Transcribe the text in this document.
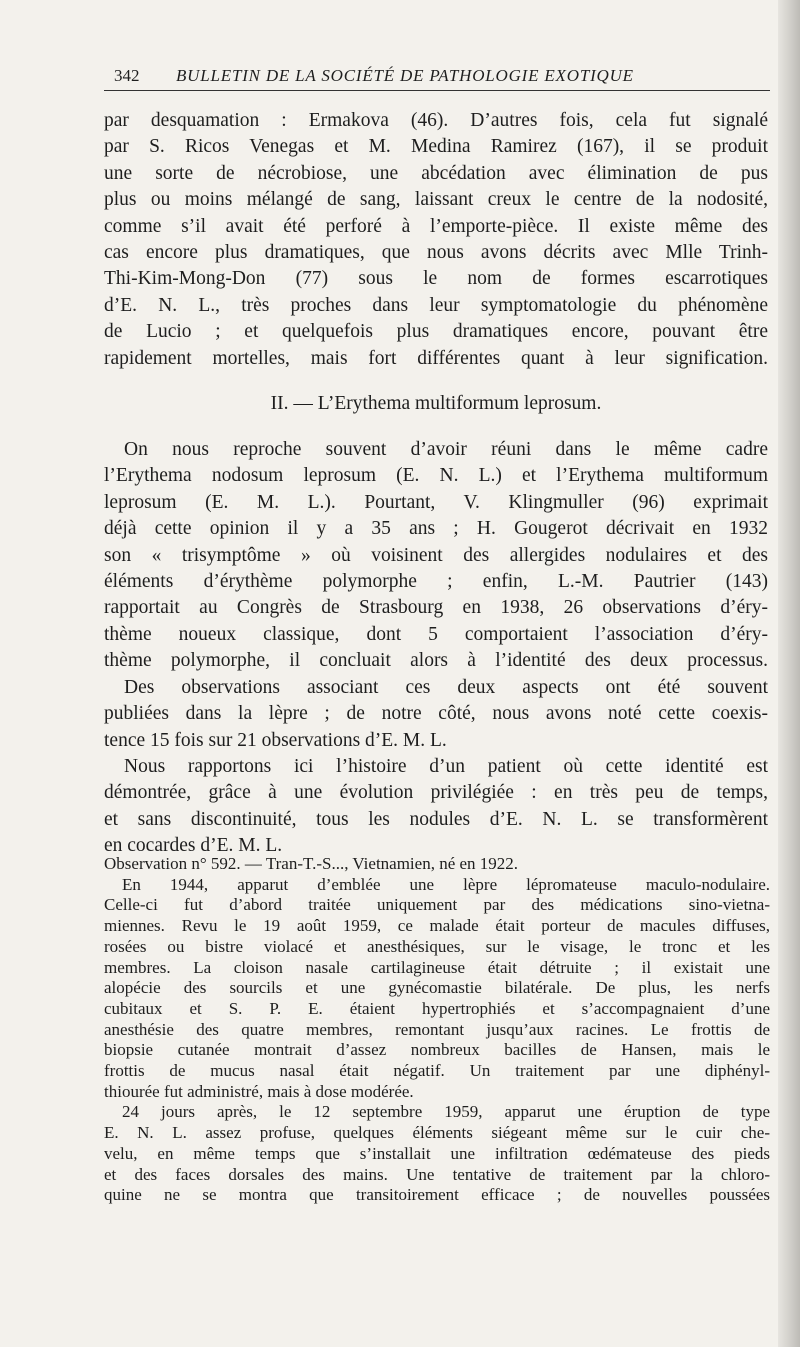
342 BULLETIN DE LA SOCIÉTÉ DE PATHOLOGIE EXOTIQUE
par desquamation : Ermakova (46). D’autres fois, cela fut signalé
par S. Ricos Venegas et M. Medina Ramirez (167), il se produit
une sorte de nécrobiose, une abcédation avec élimination de pus
plus ou moins mélangé de sang, laissant creux le centre de la nodosité,
comme s’il avait été perforé à l’emporte-pièce. Il existe même des
cas encore plus dramatiques, que nous avons décrits avec Mlle Trinh-
Thi-Kim-Mong-Don (77) sous le nom de formes escarrotiques
d’E. N. L., très proches dans leur symptomatologie du phénomène
de Lucio ; et quelquefois plus dramatiques encore, pouvant être
rapidement mortelles, mais fort différentes quant à leur signification.
II. — L’Erythema multiformum leprosum.
On nous reproche souvent d’avoir réuni dans le même cadre
l’Erythema nodosum leprosum (E. N. L.) et l’Erythema multiformum
leprosum (E. M. L.). Pourtant, V. Klingmuller (96) exprimait
déjà cette opinion il y a 35 ans ; H. Gougerot décrivait en 1932
son « trisymptôme » où voisinent des allergides nodulaires et des
éléments d’érythème polymorphe ; enfin, L.-M. Pautrier (143)
rapportait au Congrès de Strasbourg en 1938, 26 observations d’éry-
thème noueux classique, dont 5 comportaient l’association d’éry-
thème polymorphe, il concluait alors à l’identité des deux processus.
Des observations associant ces deux aspects ont été souvent
publiées dans la lèpre ; de notre côté, nous avons noté cette coexis-
tence 15 fois sur 21 observations d’E. M. L.
Nous rapportons ici l’histoire d’un patient où cette identité est
démontrée, grâce à une évolution privilégiée : en très peu de temps,
et sans discontinuité, tous les nodules d’E. N. L. se transformèrent
en cocardes d’E. M. L.
Observation n° 592. — Tran-T.-S..., Vietnamien, né en 1922.
En 1944, apparut d’emblée une lèpre lépromateuse maculo-nodulaire.
Celle-ci fut d’abord traitée uniquement par des médications sino-vietna-
miennes. Revu le 19 août 1959, ce malade était porteur de macules diffuses,
rosées ou bistre violacé et anesthésiques, sur le visage, le tronc et les
membres. La cloison nasale cartilagineuse était détruite ; il existait une
alopécie des sourcils et une gynécomastie bilatérale. De plus, les nerfs
cubitaux et S. P. E. étaient hypertrophiés et s’accompagnaient d’une
anesthésie des quatre membres, remontant jusqu’aux racines. Le frottis de
biopsie cutanée montrait d’assez nombreux bacilles de Hansen, mais le
frottis de mucus nasal était négatif. Un traitement par une diphényl-
thiourée fut administré, mais à dose modérée.
24 jours après, le 12 septembre 1959, apparut une éruption de type
E. N. L. assez profuse, quelques éléments siégeant même sur le cuir che-
velu, en même temps que s’installait une infiltration œdémateuse des pieds
et des faces dorsales des mains. Une tentative de traitement par la chloro-
quine ne se montra que transitoirement efficace ; de nouvelles poussées
